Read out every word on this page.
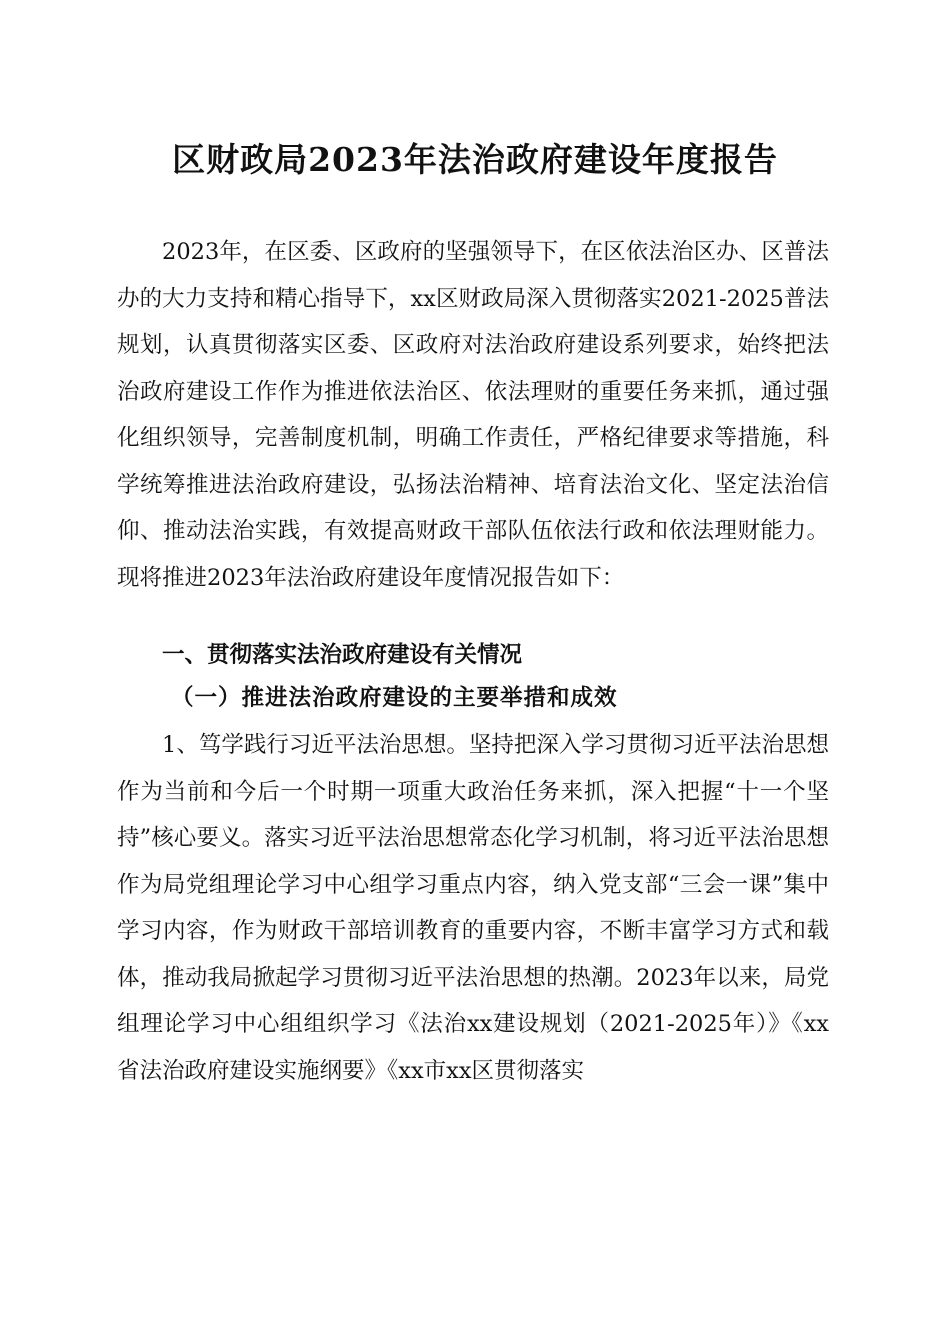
区财政局2023年法治政府建设年度报告

2023年，在区委、区政府的坚强领导下，在区依法治区办、区普法办的大力支持和精心指导下，xx区财政局深入贯彻落实2021-2025普法规划，认真贯彻落实区委、区政府对法治政府建设系列要求，始终把法治政府建设工作作为推进依法治区、依法理财的重要任务来抓，通过强化组织领导，完善制度机制，明确工作责任，严格纪律要求等措施，科学统筹推进法治政府建设，弘扬法治精神、培育法治文化、坚定法治信仰、推动法治实践，有效提高财政干部队伍依法行政和依法理财能力。现将推进2023年法治政府建设年度情况报告如下：

一、贯彻落实法治政府建设有关情况
（一）推进法治政府建设的主要举措和成效

1、笃学践行习近平法治思想。坚持把深入学习贯彻习近平法治思想作为当前和今后一个时期一项重大政治任务来抓，深入把握“十一个坚持”核心要义。落实习近平法治思想常态化学习机制，将习近平法治思想作为局党组理论学习中心组学习重点内容，纳入党支部“三会一课”集中学习内容，作为财政干部培训教育的重要内容，不断丰富学习方式和载体，推动我局掀起学习贯彻习近平法治思想的热潮。2023年以来，局党组理论学习中心组组织学习《法治xx建设规划（2021-2025年）》《xx省法治政府建设实施纲要》《xx市xx区贯彻落实
